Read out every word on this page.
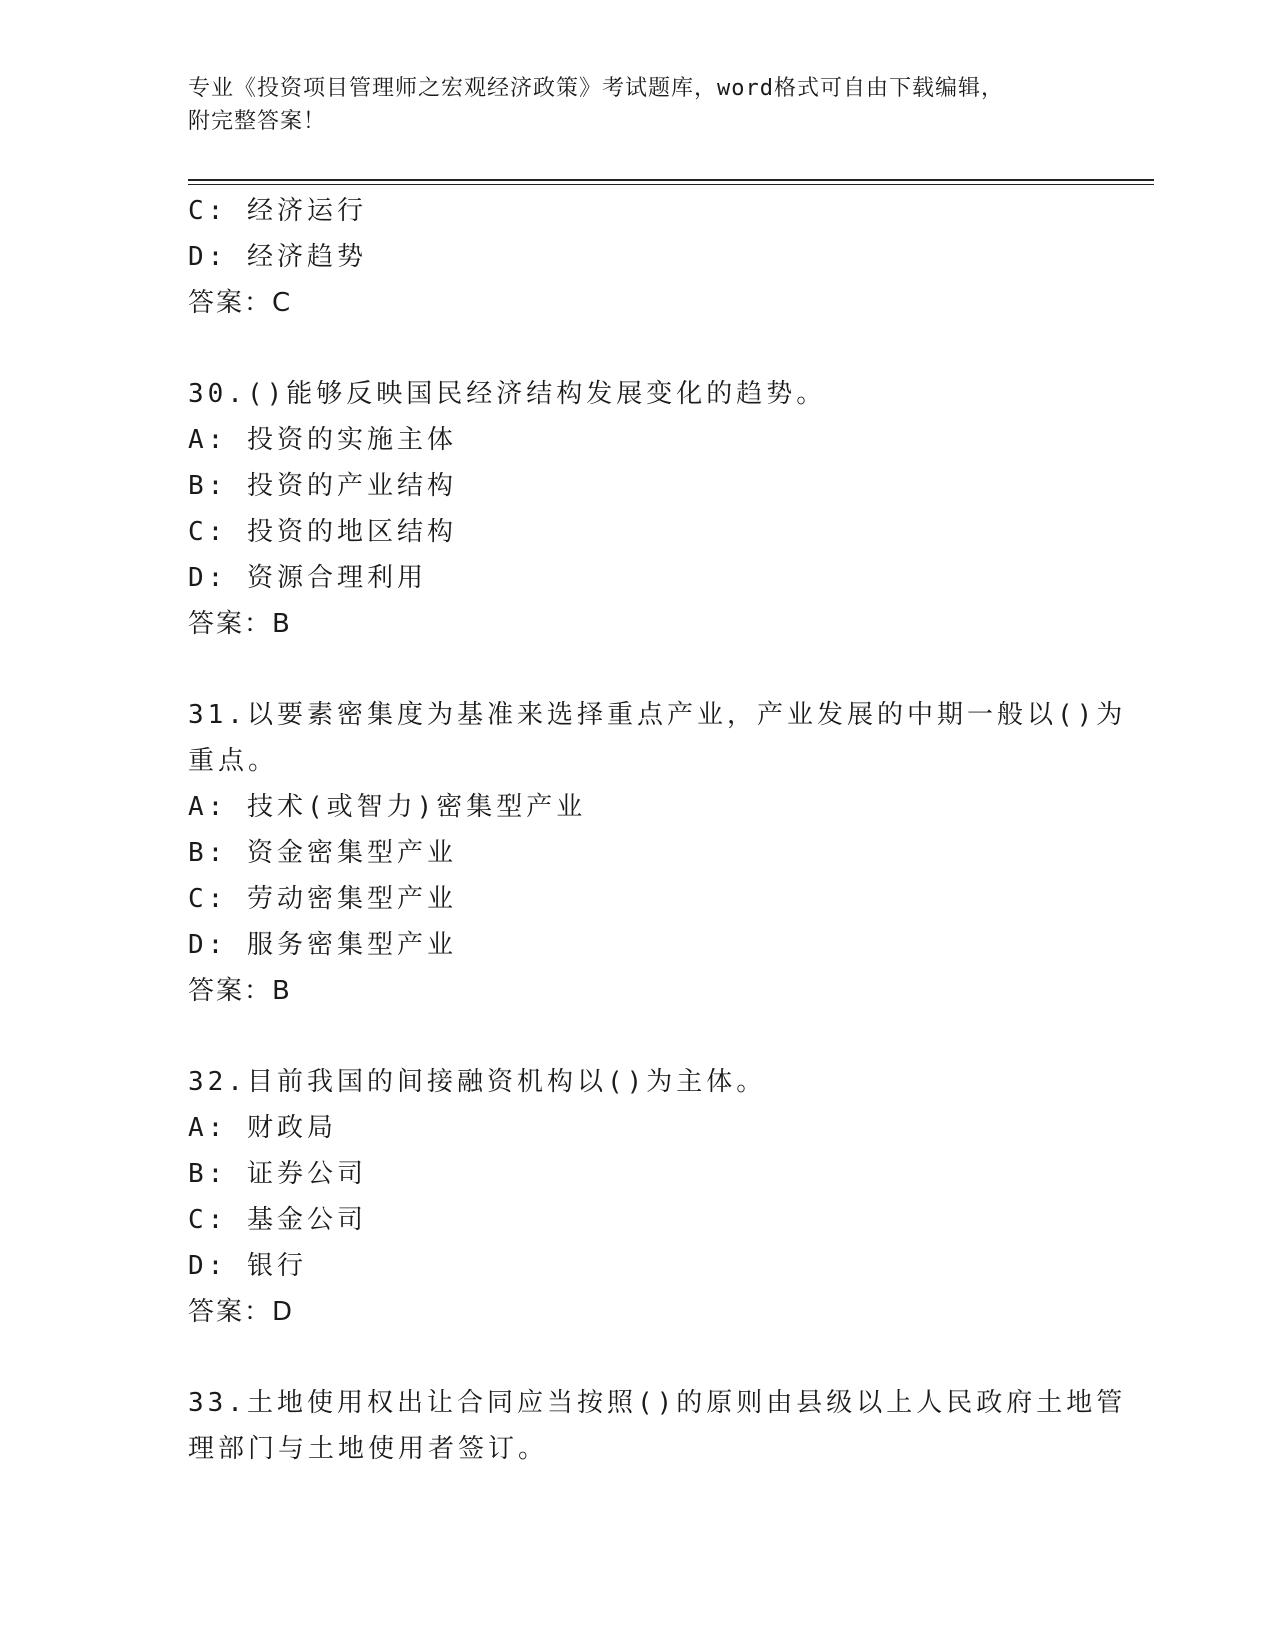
专业《投资项目管理师之宏观经济政策》考试题库，word格式可自由下载编辑，
附完整答案！
C: 经济运行
D: 经济趋势
答案：C
30.()能够反映国民经济结构发展变化的趋势。
A: 投资的实施主体
B: 投资的产业结构
C: 投资的地区结构
D: 资源合理利用
答案：B
31.以要素密集度为基准来选择重点产业，产业发展的中期一般以()为
重点。
A: 技术(或智力)密集型产业
B: 资金密集型产业
C: 劳动密集型产业
D: 服务密集型产业
答案：B
32.目前我国的间接融资机构以()为主体。
A: 财政局
B: 证券公司
C: 基金公司
D: 银行
答案：D
33.土地使用权出让合同应当按照()的原则由县级以上人民政府土地管
理部门与土地使用者签订。
